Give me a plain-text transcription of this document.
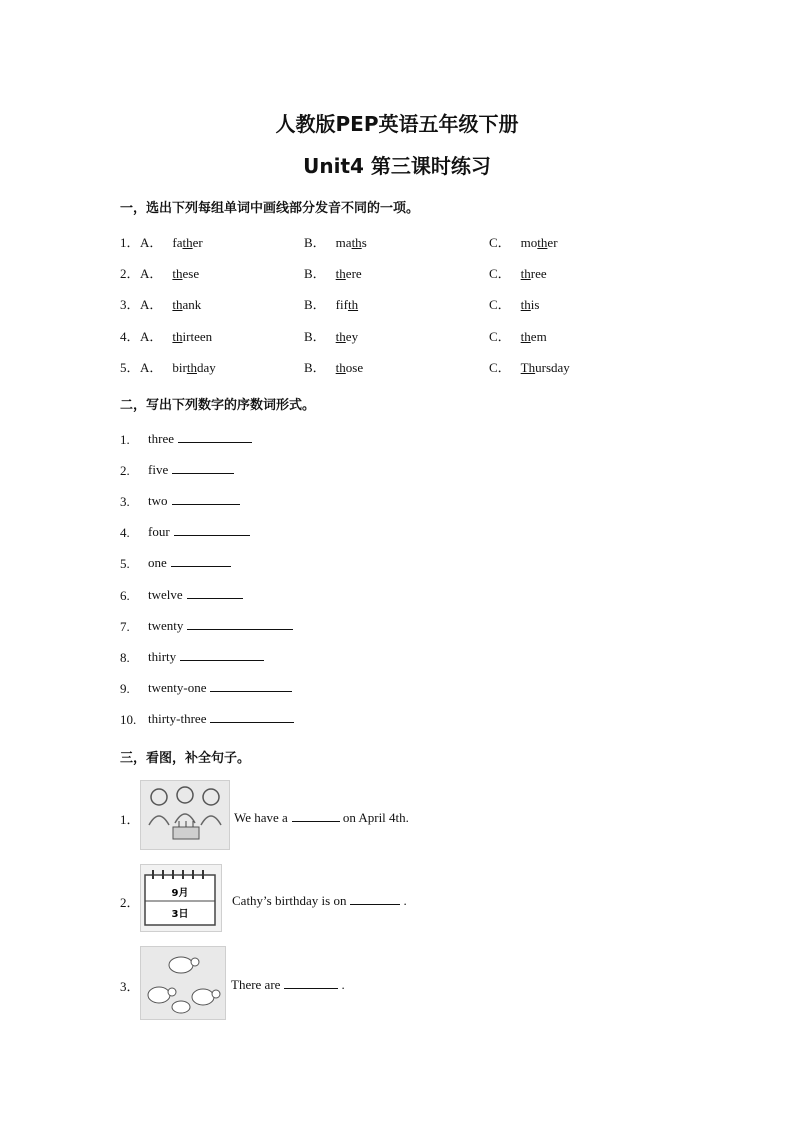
人教版PEP英语五年级下册
Unit4 第三课时练习
一，选出下列每组单词中画线部分发音不同的一项。
1． A． father	B． maths	C． mother
2． A． these	B． there	C． three
3． A． thank	B． fifth	C． this
4． A． thirteen	B． they	C． them
5． A． birthday	B． those	C． Thursday
二，写出下列数字的序数词形式。
1. three
2. five
3. two
4. four
5. one
6. twelve
7. twenty
8. thirty
9. twenty-one
10. thirty-three
三，看图，补全句子。
9月
3日
1．	We have a	on April 4th.
2．	Cathy’s birthday is on	.
3．	There are	.
